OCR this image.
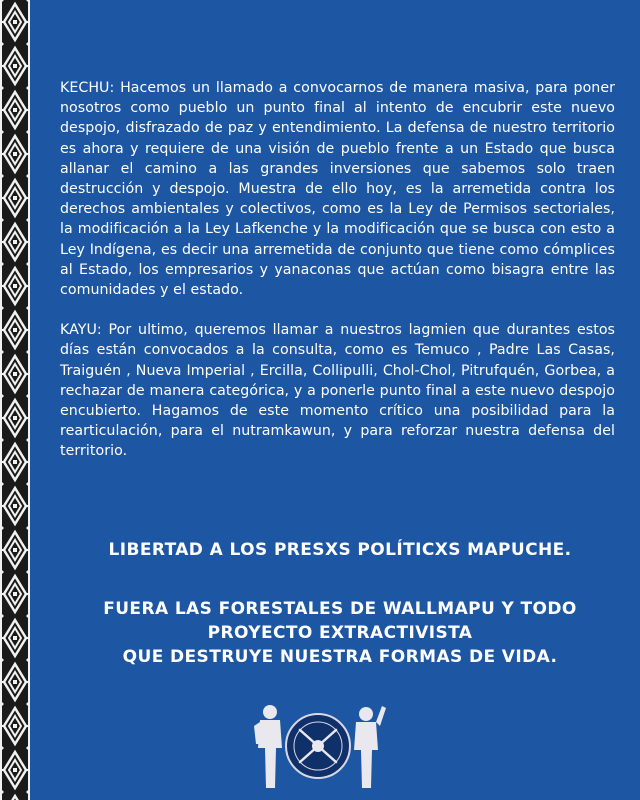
KECHU: Hacemos un llamado a convocarnos de manera masiva, para poner nosotros como pueblo un punto final al intento de encubrir este nuevo despojo, disfrazado de paz y entendimiento. La defensa de nuestro territorio es ahora y requiere de una visión de pueblo frente a un Estado que busca allanar el camino a las grandes inversiones que sabemos solo traen destrucción y despojo. Muestra de ello hoy, es la arremetida contra los derechos ambientales y colectivos, como es la Ley de Permisos sectoriales, la modificación a la Ley Lafkenche y la modificación que se busca con esto a Ley Indígena, es decir una arremetida de conjunto que tiene como cómplices al Estado, los empresarios y yanaconas que actúan como bisagra entre las comunidades y el estado.

KAYU: Por ultimo, queremos llamar a nuestros lagmien que durantes estos días están convocados a la consulta, como es Temuco , Padre Las Casas, Traiguén , Nueva Imperial , Ercilla, Collipulli, Chol-Chol, Pitrufquén, Gorbea, a rechazar de manera categórica, y a ponerle punto final a este nuevo despojo encubierto. Hagamos de este momento crítico una posibilidad para la rearticulación, para el nutramkawun, y para reforzar nuestra defensa del territorio.

LIBERTAD A LOS PRESXS POLÍTICXS MAPUCHE.
FUERA LAS FORESTALES DE WALLMAPU Y TODO
PROYECTO EXTRACTIVISTA
QUE DESTRUYE NUESTRA FORMAS DE VIDA.
